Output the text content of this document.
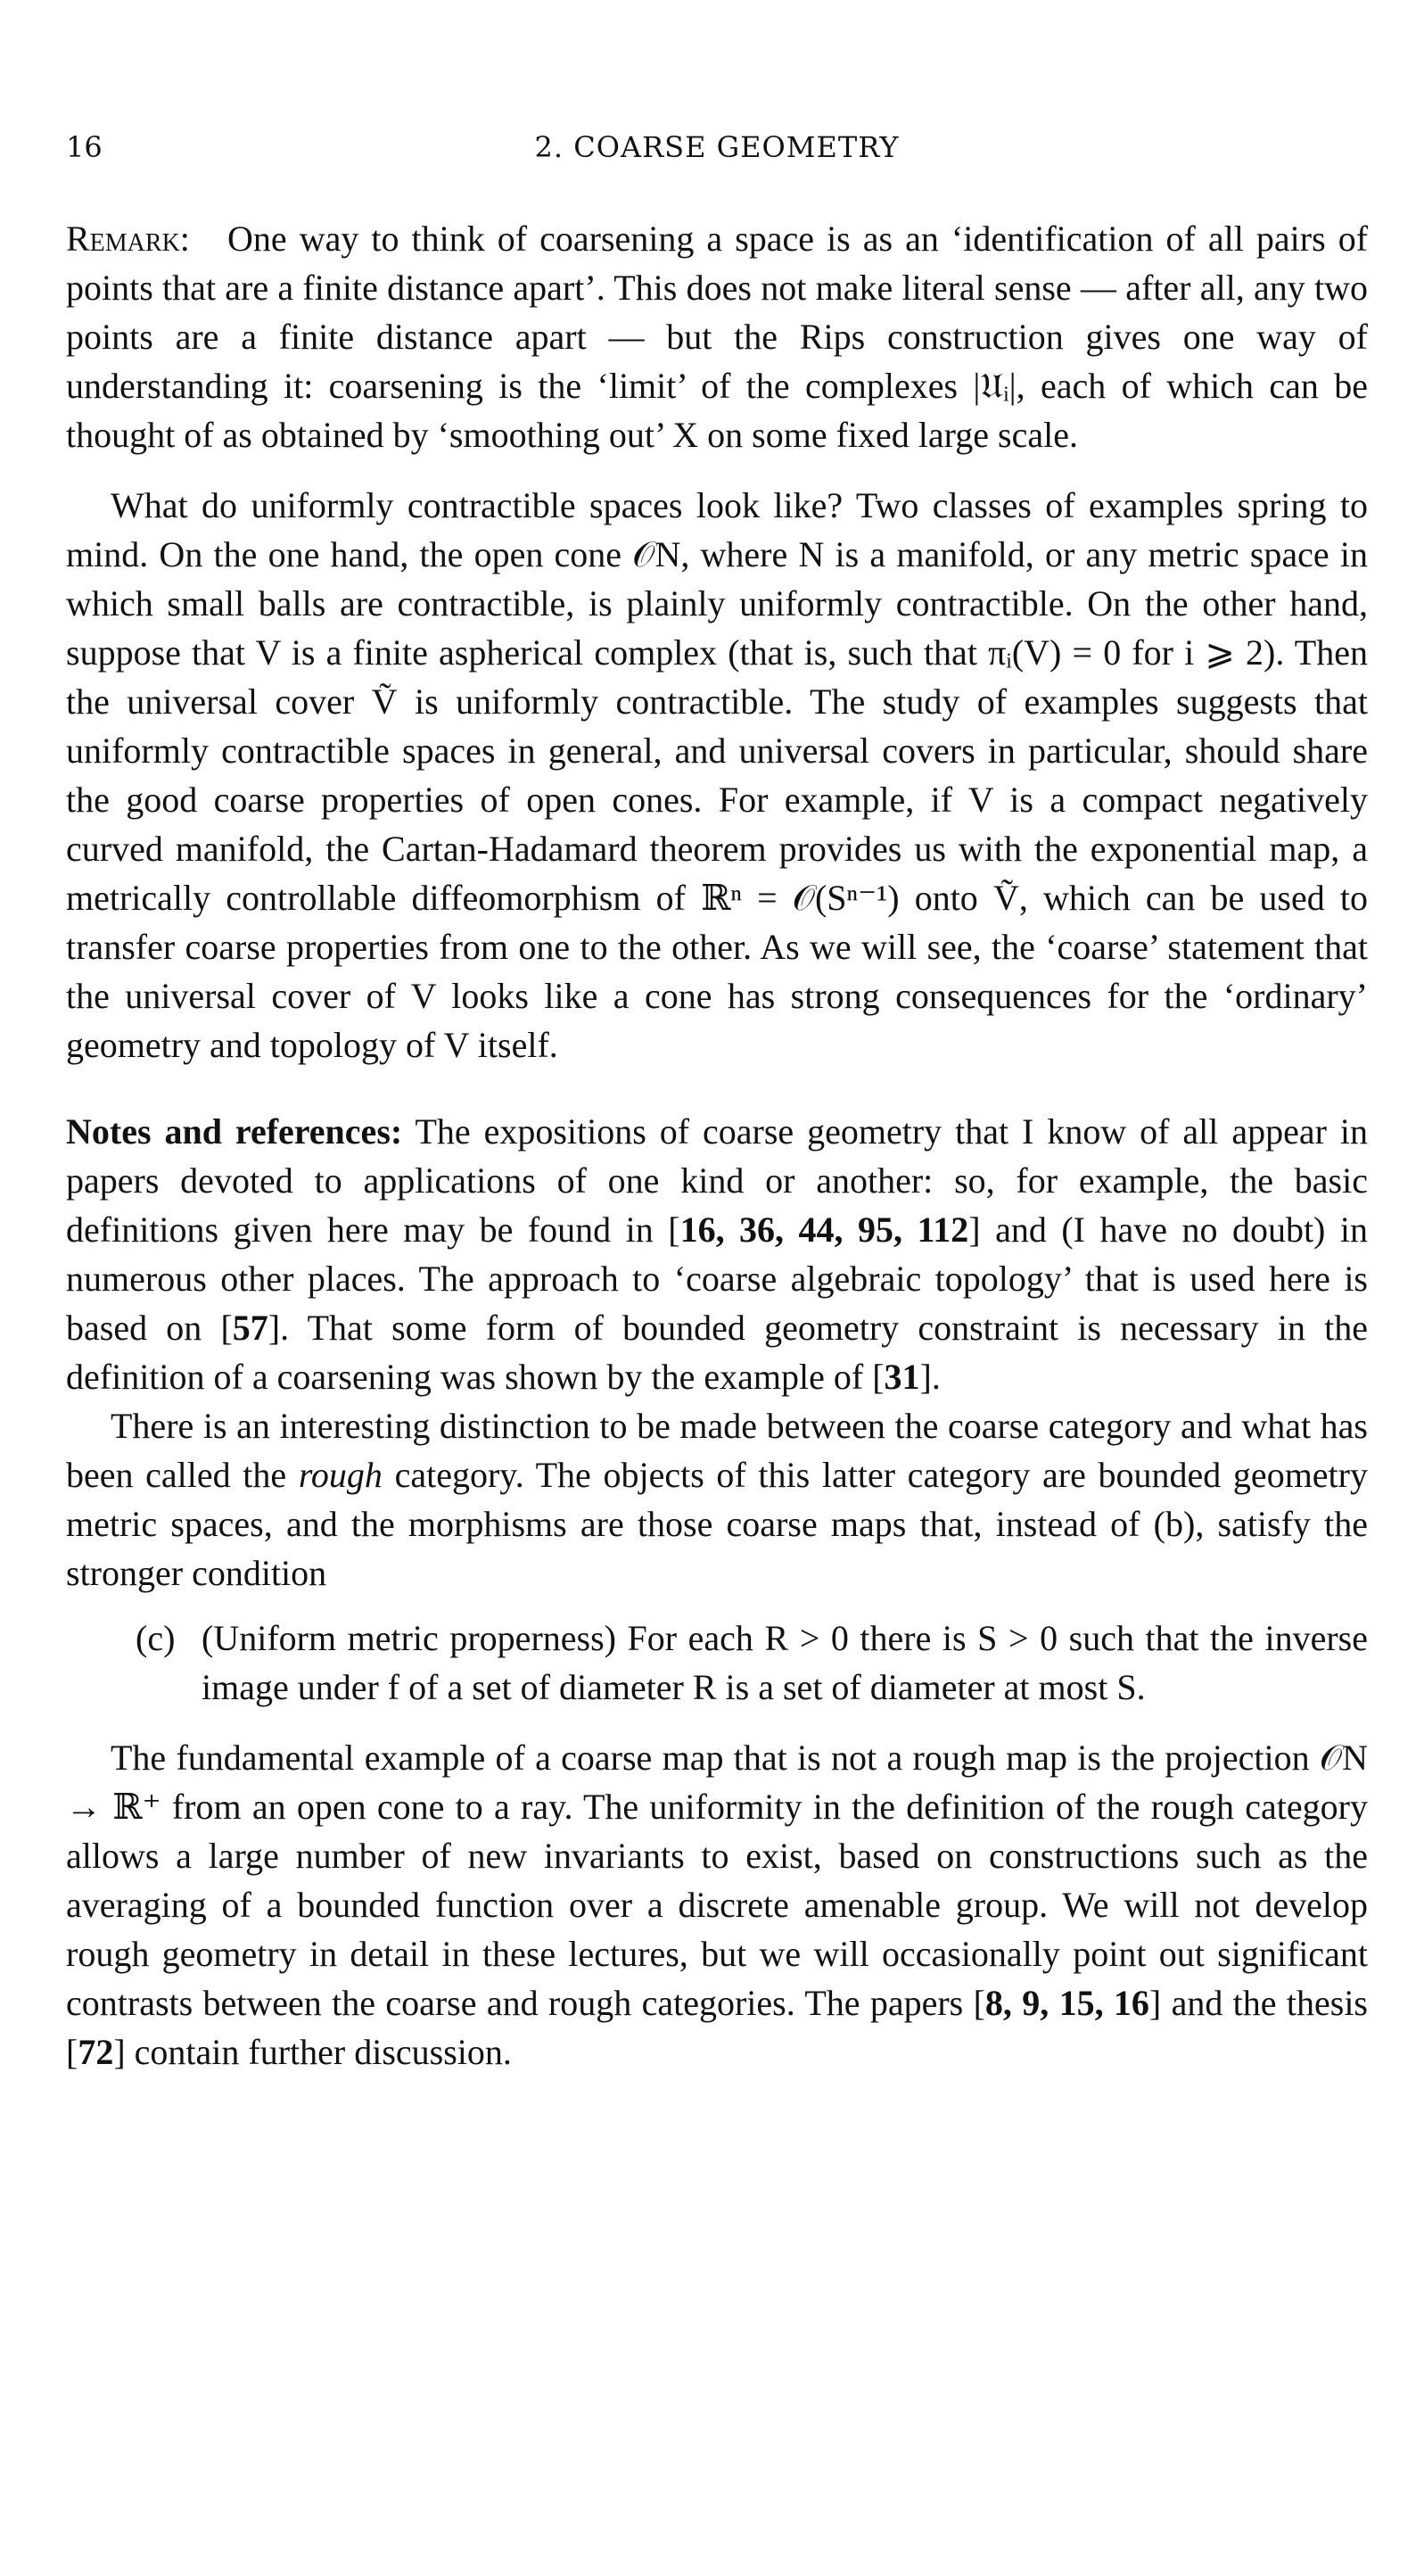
16	2. COARSE GEOMETRY

Remark: One way to think of coarsening a space is as an ‘identification of all pairs of points that are a finite distance apart’. This does not make literal sense — after all, any two points are a finite distance apart — but the Rips construction gives one way of understanding it: coarsening is the ‘limit’ of the complexes |𝔘ᵢ|, each of which can be thought of as obtained by ‘smoothing out’ X on some fixed large scale.

What do uniformly contractible spaces look like? Two classes of examples spring to mind. On the one hand, the open cone 𝒪N, where N is a manifold, or any metric space in which small balls are contractible, is plainly uniformly contractible. On the other hand, suppose that V is a finite aspherical complex (that is, such that πᵢ(V) = 0 for i ⩾ 2). Then the universal cover Ṽ is uniformly contractible. The study of examples suggests that uniformly contractible spaces in general, and universal covers in particular, should share the good coarse properties of open cones. For example, if V is a compact negatively curved manifold, the Cartan-Hadamard theorem provides us with the exponential map, a metrically controllable diffeomorphism of ℝⁿ = 𝒪(Sⁿ⁻¹) onto Ṽ, which can be used to transfer coarse properties from one to the other. As we will see, the ‘coarse’ statement that the universal cover of V looks like a cone has strong consequences for the ‘ordinary’ geometry and topology of V itself.

Notes and references: The expositions of coarse geometry that I know of all appear in papers devoted to applications of one kind or another: so, for example, the basic definitions given here may be found in [16, 36, 44, 95, 112] and (I have no doubt) in numerous other places. The approach to ‘coarse algebraic topology’ that is used here is based on [57]. That some form of bounded geometry constraint is necessary in the definition of a coarsening was shown by the example of [31].

There is an interesting distinction to be made between the coarse category and what has been called the rough category. The objects of this latter category are bounded geometry metric spaces, and the morphisms are those coarse maps that, instead of (b), satisfy the stronger condition

(c) (Uniform metric properness) For each R > 0 there is S > 0 such that the inverse image under f of a set of diameter R is a set of diameter at most S.

The fundamental example of a coarse map that is not a rough map is the projection 𝒪N → ℝ⁺ from an open cone to a ray. The uniformity in the definition of the rough category allows a large number of new invariants to exist, based on constructions such as the averaging of a bounded function over a discrete amenable group. We will not develop rough geometry in detail in these lectures, but we will occasionally point out significant contrasts between the coarse and rough categories. The papers [8, 9, 15, 16] and the thesis [72] contain further discussion.
